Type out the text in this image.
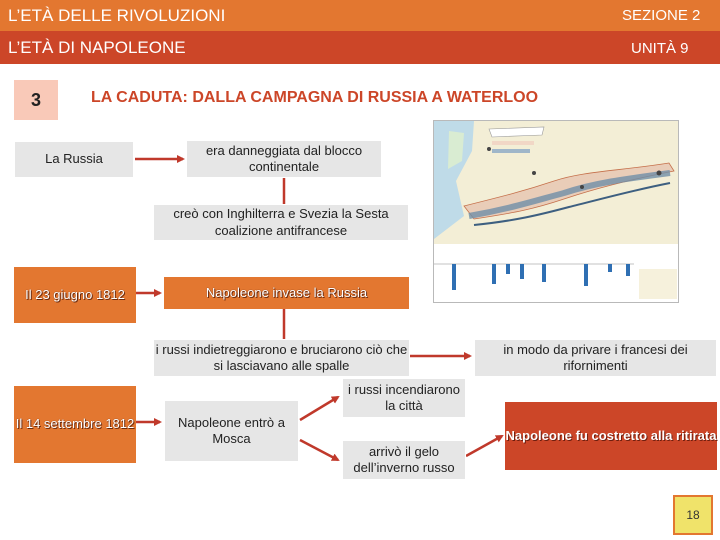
L’ETÀ DELLE RIVOLUZIONI	SEZIONE 2
L’ETÀ DI NAPOLEONE	UNITÀ 9
3	LA CADUTA: DALLA CAMPAGNA DI RUSSIA A WATERLOO
La Russia
era danneggiata dal blocco continentale
creò con Inghilterra e Svezia la Sesta coalizione antifrancese
Il 23 giugno 1812	Napoleone invase la Russia
i russi indietreggiarono e bruciarono ciò che si lasciavano alle spalle
in modo da privare i francesi dei rifornimenti
Il 14 settembre 1812	Napoleone entrò a Mosca
i russi incendiarono la città
arrivò il gelo dell’inverno russo
Napoleone fu costretto alla ritirata
18
